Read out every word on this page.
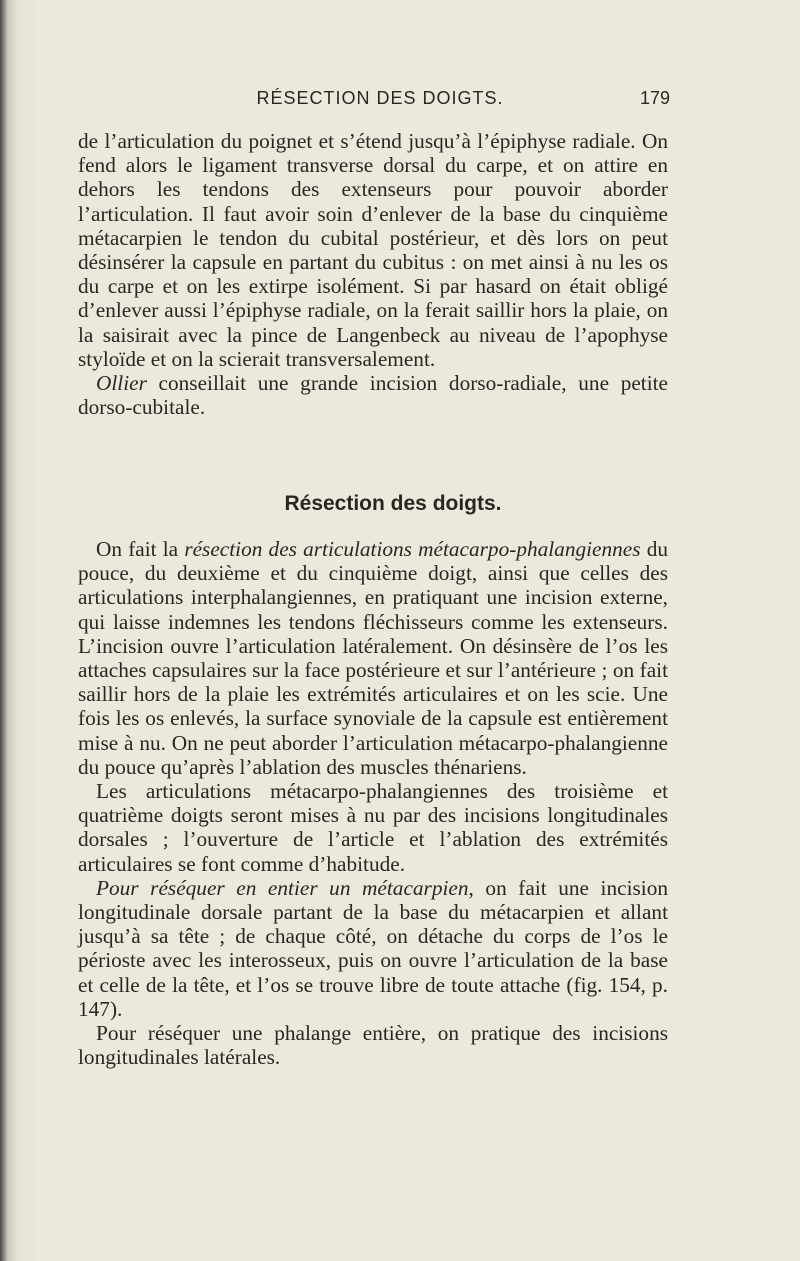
RÉSECTION DES DOIGTS.	179

de l’articulation du poignet et s’étend jusqu’à l’épiphyse radiale. On fend alors le ligament transverse dorsal du carpe, et on attire en dehors les tendons des extenseurs pour pouvoir aborder l’articulation. Il faut avoir soin d’enlever de la base du cinquième métacarpien le tendon du cubital postérieur, et dès lors on peut désinsérer la capsule en partant du cubitus : on met ainsi à nu les os du carpe et on les extirpe isolément. Si par hasard on était obligé d’enlever aussi l’épiphyse radiale, on la ferait saillir hors la plaie, on la saisirait avec la pince de Langenbeck au niveau de l’apophyse styloïde et on la scierait transversalement.

Ollier conseillait une grande incision dorso-radiale, une petite dorso-cubitale.

Résection des doigts.

On fait la résection des articulations métacarpo-phalangiennes du pouce, du deuxième et du cinquième doigt, ainsi que celles des articulations interphalangiennes, en pratiquant une incision externe, qui laisse indemnes les tendons fléchisseurs comme les extenseurs. L’incision ouvre l’articulation latéralement. On désinsère de l’os les attaches capsulaires sur la face postérieure et sur l’antérieure ; on fait saillir hors de la plaie les extrémités articulaires et on les scie. Une fois les os enlevés, la surface synoviale de la capsule est entièrement mise à nu. On ne peut aborder l’articulation métacarpo-phalangienne du pouce qu’après l’ablation des muscles thénariens.

Les articulations métacarpo-phalangiennes des troisième et quatrième doigts seront mises à nu par des incisions longitudinales dorsales ; l’ouverture de l’article et l’ablation des extrémités articulaires se font comme d’habitude.

Pour réséquer en entier un métacarpien, on fait une incision longitudinale dorsale partant de la base du métacarpien et allant jusqu’à sa tête ; de chaque côté, on détache du corps de l’os le périoste avec les interosseux, puis on ouvre l’articulation de la base et celle de la tête, et l’os se trouve libre de toute attache (fig. 154, p. 147).

Pour réséquer une phalange entière, on pratique des incisions longitudinales latérales.
